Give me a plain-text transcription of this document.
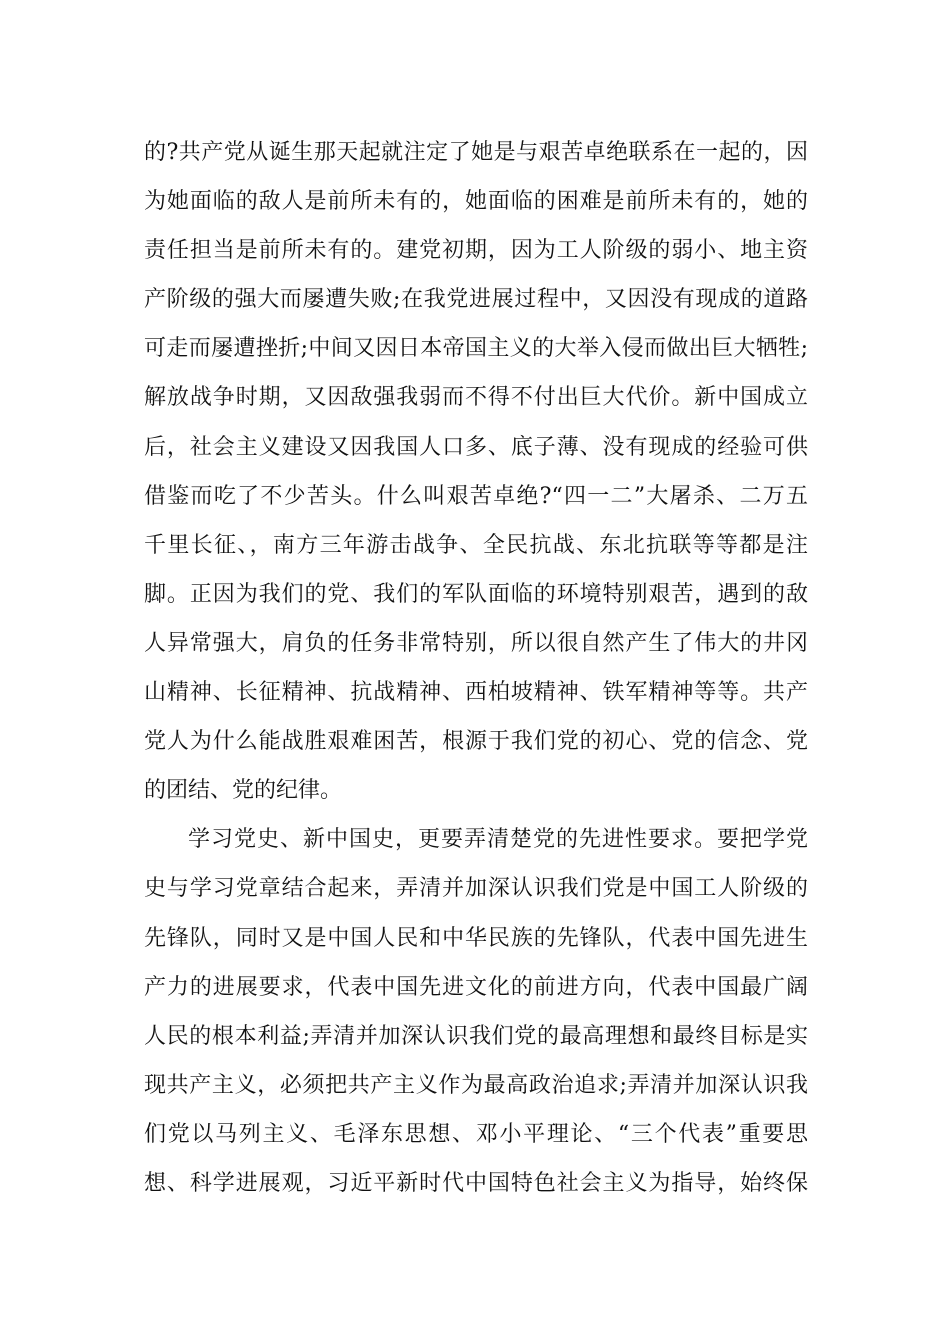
的?共产党从诞生那天起就注定了她是与艰苦卓绝联系在一起的，因
为她面临的敌人是前所未有的，她面临的困难是前所未有的，她的
责任担当是前所未有的。建党初期，因为工人阶级的弱小、地主资
产阶级的强大而屡遭失败;在我党进展过程中，又因没有现成的道路
可走而屡遭挫折;中间又因日本帝国主义的大举入侵而做出巨大牺牲;
解放战争时期，又因敌强我弱而不得不付出巨大代价。新中国成立
后，社会主义建设又因我国人口多、底子薄、没有现成的经验可供
借鉴而吃了不少苦头。什么叫艰苦卓绝?“四一二”大屠杀、二万五
千里长征、，南方三年游击战争、全民抗战、东北抗联等等都是注
脚。正因为我们的党、我们的军队面临的环境特别艰苦，遇到的敌
人异常强大，肩负的任务非常特别，所以很自然产生了伟大的井冈
山精神、长征精神、抗战精神、西柏坡精神、铁军精神等等。共产
党人为什么能战胜艰难困苦，根源于我们党的初心、党的信念、党
的团结、党的纪律。
学习党史、新中国史，更要弄清楚党的先进性要求。要把学党
史与学习党章结合起来，弄清并加深认识我们党是中国工人阶级的
先锋队，同时又是中国人民和中华民族的先锋队，代表中国先进生
产力的进展要求，代表中国先进文化的前进方向，代表中国最广阔
人民的根本利益;弄清并加深认识我们党的最高理想和最终目标是实
现共产主义，必须把共产主义作为最高政治追求;弄清并加深认识我
们党以马列主义、毛泽东思想、邓小平理论、“三个代表”重要思
想、科学进展观，习近平新时代中国特色社会主义为指导，始终保
